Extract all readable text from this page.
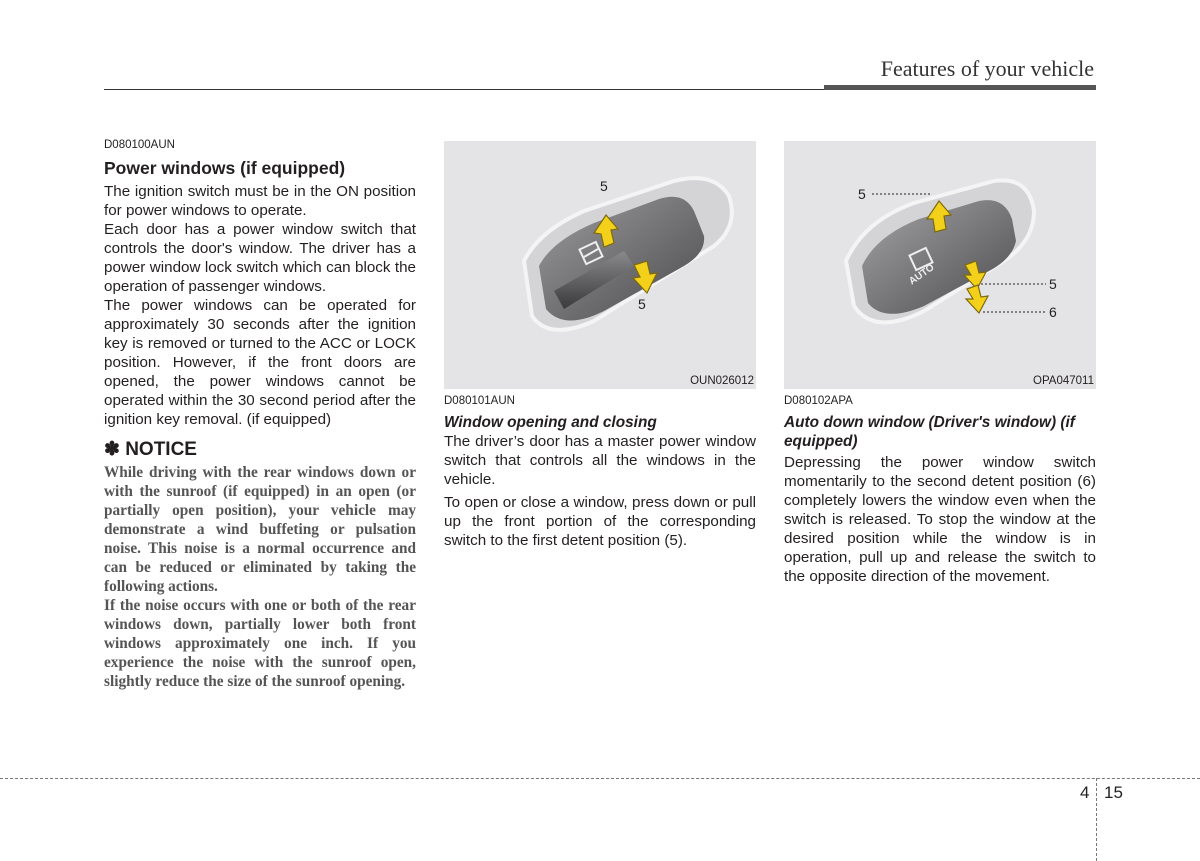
Features of your vehicle
D080100AUN
Power windows (if equipped)

The ignition switch must be in the ON position for power windows to operate.

Each door has a power window switch that controls the door's window. The driver has a power window lock switch which can block the operation of passenger windows.

The power windows can be operated for approximately 30 seconds after the ignition key is removed or turned to the ACC or LOCK position. However, if the front doors are opened, the power windows cannot be operated within the 30 second period after the ignition key removal. (if equipped)

✽ NOTICE

While driving with the rear windows down or with the sunroof (if equipped) in an open (or partially open position), your vehicle may demonstrate a wind buffeting or pulsation noise. This noise is a normal occurrence and can be reduced or eliminated by taking the following actions.

If the noise occurs with one or both of the rear windows down, partially lower both front windows approximately one inch. If you experience the noise with the sunroof open, slightly reduce the size of the sunroof opening.

5
5
OUN026012
D080101AUN
Window opening and closing

The driver’s door has a master power window switch that controls all the windows in the vehicle.

To open or close a window, press down or pull up the front portion of the corresponding switch to the first detent position (5).

AUTO
5
5
6
OPA047011
D080102APA
Auto down window (Driver's window) (if equipped)

Depressing the power window switch momentarily to the second detent position (6) completely lowers the window even when the switch is released. To stop the window at the desired position while the window is in operation, pull up and release the switch to the opposite direction of the movement.

4 15
